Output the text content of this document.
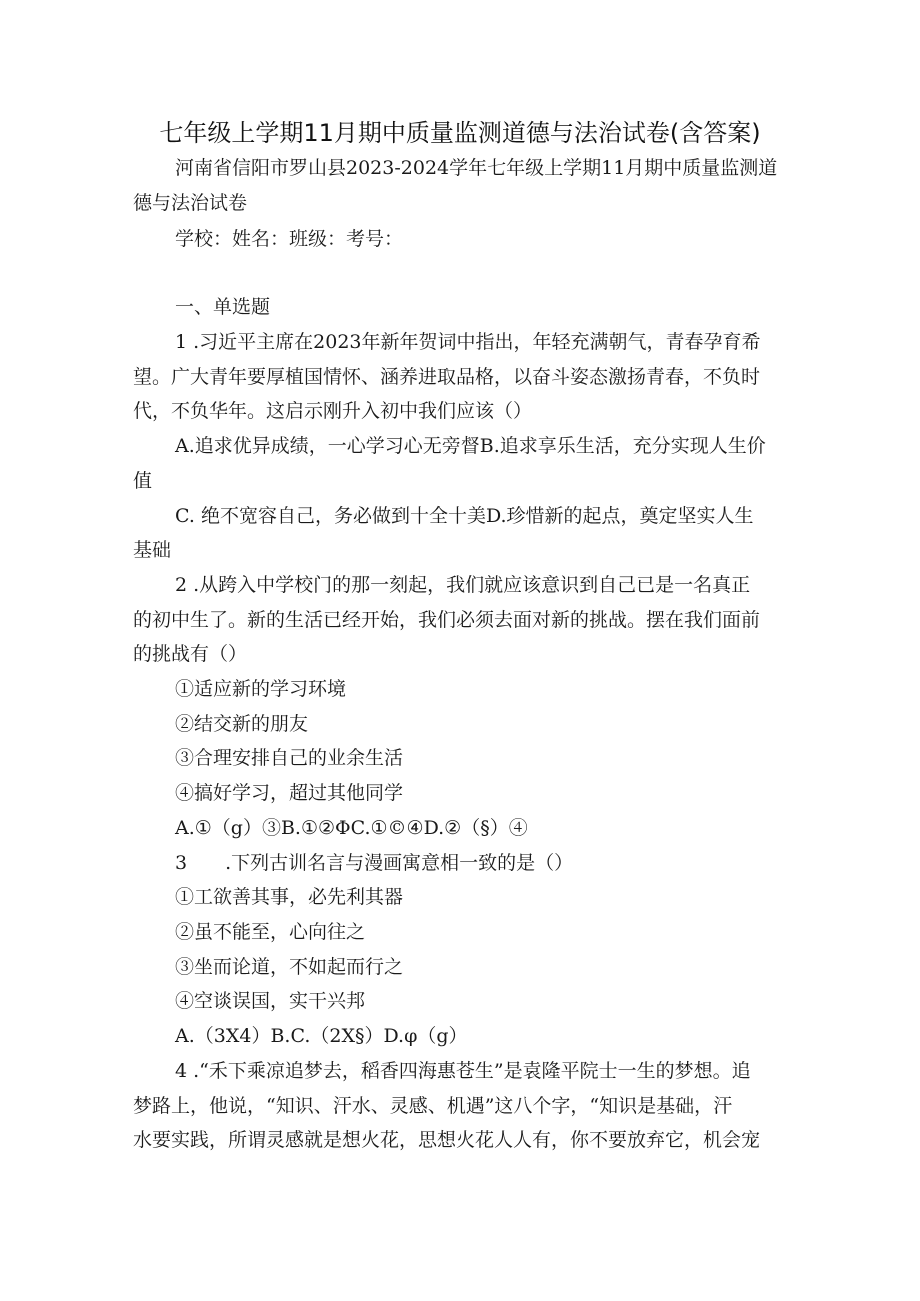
七年级上学期11月期中质量监测道德与法治试卷(含答案)
河南省信阳市罗山县2023-2024学年七年级上学期11月期中质量监测道
德与法治试卷
学校：姓名：班级：考号：
一、单选题
1 .习近平主席在2023年新年贺词中指出，年轻充满朝气，青春孕育希
望。广大青年要厚植国情怀、涵养进取品格，以奋斗姿态激扬青春，不负时
代，不负华年。这启示刚升入初中我们应该（）
A.追求优异成绩，一心学习心无旁督B.追求享乐生活，充分实现人生价
值
C. 绝不宽容自己，务必做到十全十美D.珍惜新的起点，奠定坚实人生
基础
2 .从跨入中学校门的那一刻起，我们就应该意识到自己已是一名真正
的初中生了。新的生活已经开始，我们必须去面对新的挑战。摆在我们面前
的挑战有（）
①适应新的学习环境
②结交新的朋友
③合理安排自己的业余生活
④搞好学习，超过其他同学
A.①（g）③B.①②ΦC.①©④D.②（§）④
3　　.下列古训名言与漫画寓意相一致的是（）
①工欲善其事，必先利其器
②虽不能至，心向往之
③坐而论道，不如起而行之
④空谈误国，实干兴邦
A.（3X4）B.C.（2X§）D.φ（g）
4 .“禾下乘凉追梦去，稻香四海惠苍生”是袁隆平院士一生的梦想。追
梦路上，他说，“知识、汗水、灵感、机遇”这八个字，“知识是基础，汗
水要实践，所谓灵感就是想火花，思想火花人人有，你不要放弃它，机会宠
